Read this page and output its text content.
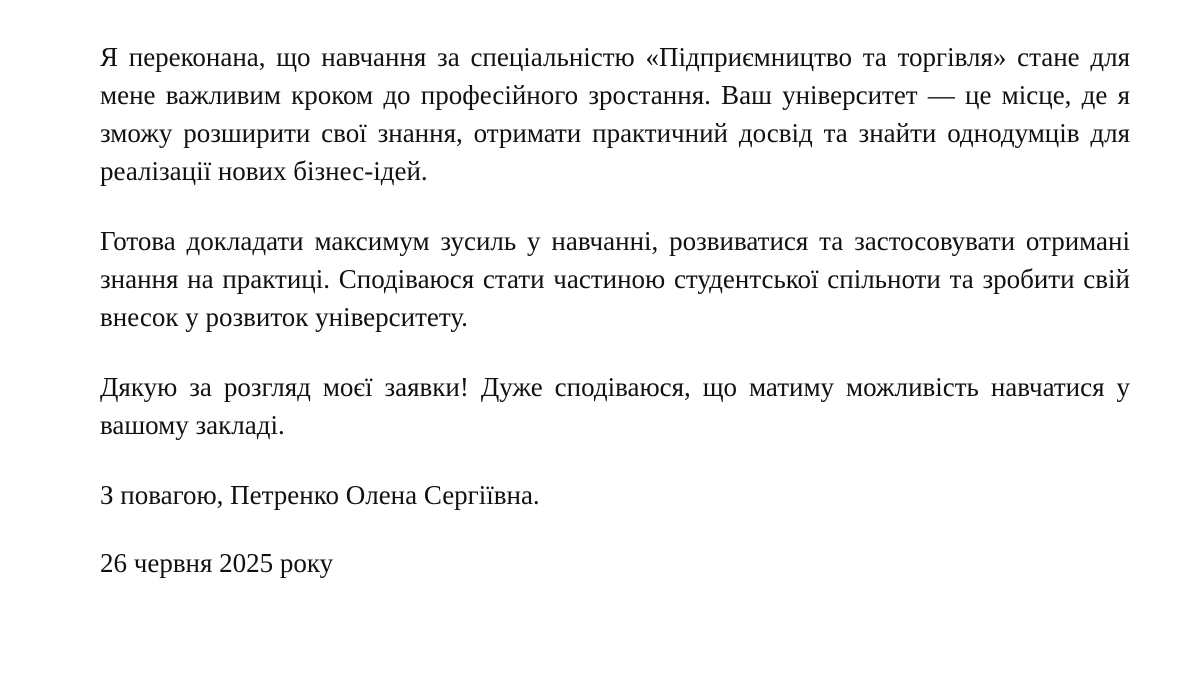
Я переконана, що навчання за спеціальністю «Підприємництво та торгівля» стане для мене важливим кроком до професійного зростання. Ваш університет — це місце, де я зможу розширити свої знання, отримати практичний досвід та знайти однодумців для реалізації нових бізнес-ідей.

Готова докладати максимум зусиль у навчанні, розвиватися та застосовувати отримані знання на практиці. Сподіваюся стати частиною студентської спільноти та зробити свій внесок у розвиток університету.

Дякую за розгляд моєї заявки! Дуже сподіваюся, що матиму можливість навчатися у вашому закладі.

З повагою, Петренко Олена Сергіївна.

26 червня 2025 року
